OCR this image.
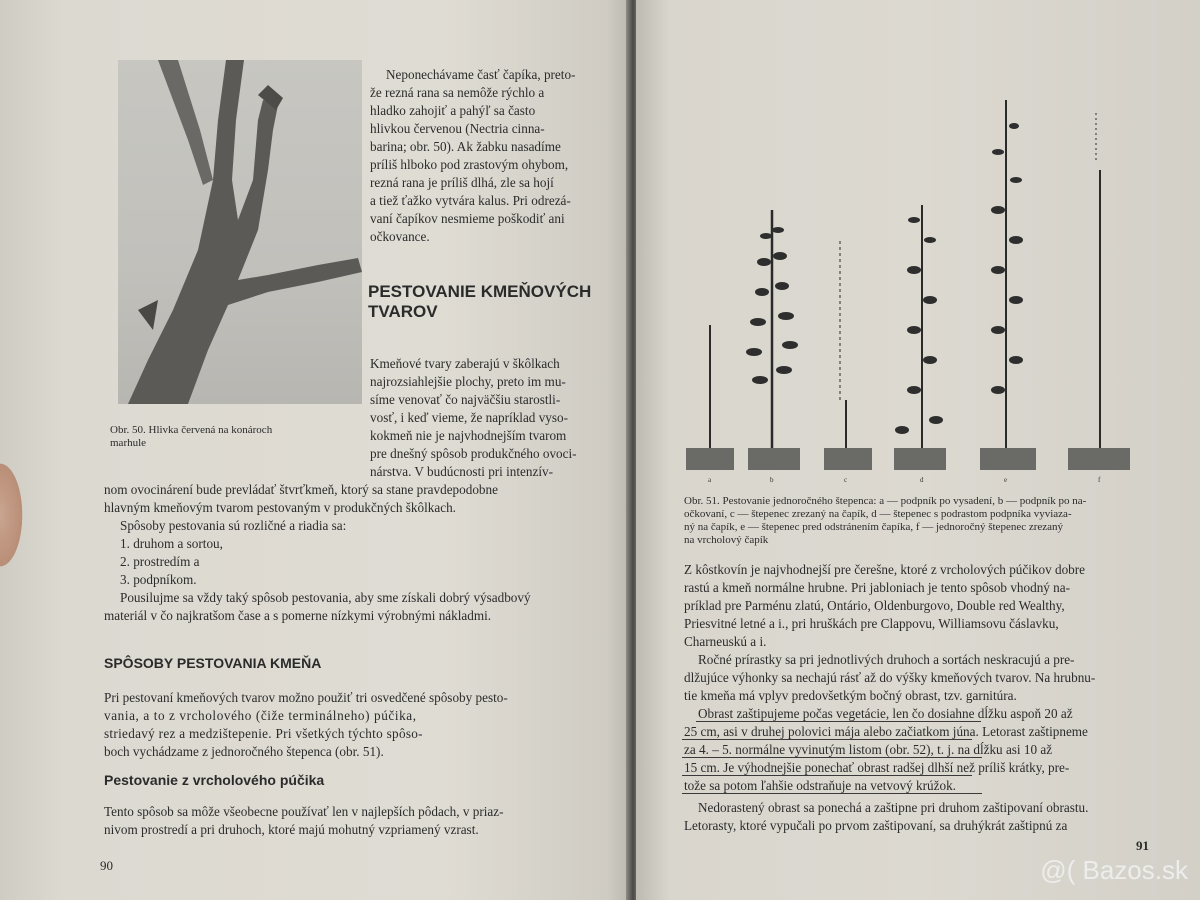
Obr. 50. Hlivka červená na konároch
marhule
Neponechávame časť čapíka, preto-
že rezná rana sa nemôže rýchlo a
hladko zahojiť a pahýľ sa často
hlivkou červenou (Nectria cinna-
barina; obr. 50). Ak žabku nasadíme
príliš hlboko pod zrastovým ohybom,
rezná rana je príliš dlhá, zle sa hojí
a tiež ťažko vytvára kalus. Pri odrezá-
vaní čapíkov nesmieme poškodiť ani
očkovance.
PESTOVANIE KMEŇOVÝCH
TVAROV
Kmeňové tvary zaberajú v škôlkach
najrozsiahlejšie plochy, preto im mu-
síme venovať čo najväčšiu starostli-
vosť, i keď vieme, že napríklad vyso-
kokmeň nie je najvhodnejším tvarom
pre dnešný spôsob produkčného ovoci-
nárstva. V budúcnosti pri intenzív-
nom ovocinárení bude prevládať štvrťkmeň, ktorý sa stane pravdepodobne
hlavným kmeňovým tvarom pestovaným v produkčných škôlkach.
Spôsoby pestovania sú rozličné a riadia sa:
1. druhom a sortou,
2. prostredím a
3. podpníkom.
Pousilujme sa vždy taký spôsob pestovania, aby sme získali dobrý výsadbový
materiál v čo najkratšom čase a s pomerne nízkymi výrobnými nákladmi.
SPÔSOBY PESTOVANIA KMEŇA
Pri pestovaní kmeňových tvarov možno použiť tri osvedčené spôsoby pesto-
vania, a to z vrcholového (čiže terminálneho) púčika,
striedavý rez a medzištepenie. Pri všetkých týchto spôso-
boch vychádzame z jednoročného štepenca (obr. 51).
Pestovanie z vrcholového púčika
Tento spôsob sa môže všeobecne používať len v najlepších pôdach, v priaz-
nivom prostredí a pri druhoch, ktoré majú mohutný vzpriamený vzrast.
90
a	b	c	d	e	f
Obr. 51. Pestovanie jednoročného štepenca: a — podpník po vysadení, b — podpník po na-
očkovaní, c — štepenec zrezaný na čapík, d — štepenec s podrastom podpníka vyviaza-
ný na čapík, e — štepenec pred odstránením čapíka, f — jednoročný štepenec zrezaný
na vrcholový čapík
Z kôstkovín je najvhodnejší pre čerešne, ktoré z vrcholových púčikov dobre
rastú a kmeň normálne hrubne. Pri jabloniach je tento spôsob vhodný na-
príklad pre Parménu zlatú, Ontário, Oldenburgovo, Double red Wealthy,
Priesvitné letné a i., pri hruškách pre Clappovu, Williamsovu čáslavku,
Charneuskú a i.
Ročné prírastky sa pri jednotlivých druhoch a sortách neskracujú a pre-
dlžujúce výhonky sa nechajú rásť až do výšky kmeňových tvarov. Na hrubnu-
tie kmeňa má vplyv predovšetkým bočný obrast, tzv. garnitúra.
Obrast zaštipujeme počas vegetácie, len čo dosiahne dĺžku aspoň 20 až
25 cm, asi v druhej polovici mája alebo začiatkom júna. Letorast zaštipneme
za 4. – 5. normálne vyvinutým listom (obr. 52), t. j. na dĺžku asi 10 až
15 cm. Je výhodnejšie ponechať obrast radšej dlhší než príliš krátky, pre-
tože sa potom ľahšie odstraňuje na vetvový krúžok.
Nedorastený obrast sa ponechá a zaštipne pri druhom zaštipovaní obrastu.
Letorasty, ktoré vypučali po prvom zaštipovaní, sa druhýkrát zaštipnú za
91
@( Bazos.sk
